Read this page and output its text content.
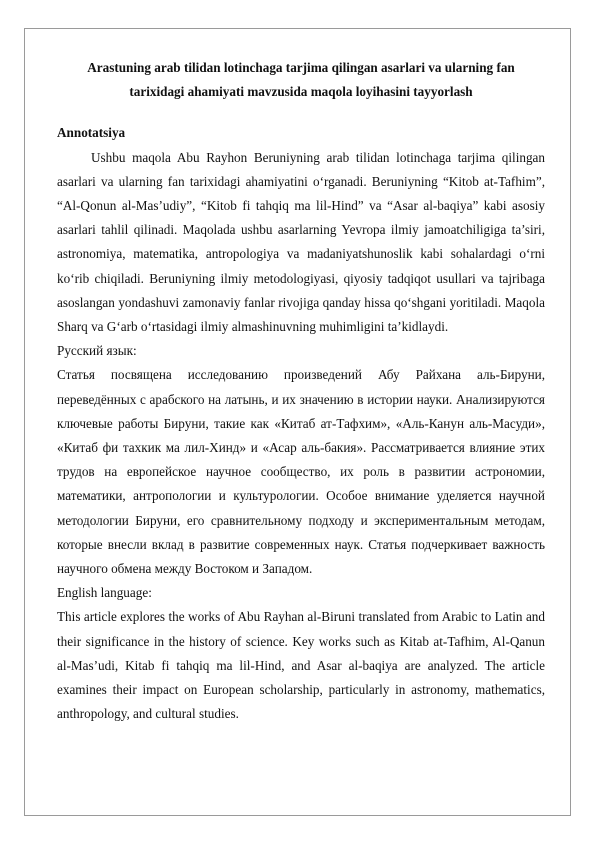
Arastuning arab tilidan lotinchaga tarjima qilingan asarlari va ularning fan
tarixidagi ahamiyati mavzusida maqola loyihasini tayyorlash

Annotatsiya

Ushbu maqola Abu Rayhon Beruniyning arab tilidan lotinchaga tarjima qilingan asarlari va ularning fan tarixidagi ahamiyatini o‘rganadi. Beruniyning “Kitob at-Tafhim”, “Al-Qonun al-Mas’udiy”, “Kitob fi tahqiq ma lil-Hind” va “Asar al-baqiya” kabi asosiy asarlari tahlil qilinadi. Maqolada ushbu asarlarning Yevropa ilmiy jamoatchiligiga ta’siri, astronomiya, matematika, antropologiya va madaniyatshunoslik kabi sohalardagi o‘rni ko‘rib chiqiladi. Beruniyning ilmiy metodologiyasi, qiyosiy tadqiqot usullari va tajribaga asoslangan yondashuvi zamonaviy fanlar rivojiga qanday hissa qo‘shgani yoritiladi. Maqola Sharq va G‘arb o‘rtasidagi ilmiy almashinuvning muhimligini ta’kidlaydi.

Русский язык:

Статья посвящена исследованию произведений Абу Райхана аль-Бируни, переведённых с арабского на латынь, и их значению в истории науки. Анализируются ключевые работы Бируни, такие как «Китаб ат-Тафхим», «Аль-Канун аль-Масуди», «Китаб фи тахкик ма лил-Хинд» и «Асар аль-бакия». Рассматривается влияние этих трудов на европейское научное сообщество, их роль в развитии астрономии, математики, антропологии и культурологии. Особое внимание уделяется научной методологии Бируни, его сравнительному подходу и экспериментальным методам, которые внесли вклад в развитие современных наук. Статья подчеркивает важность научного обмена между Востоком и Западом.

English language:

This article explores the works of Abu Rayhan al-Biruni translated from Arabic to Latin and their significance in the history of science. Key works such as Kitab at-Tafhim, Al-Qanun al-Mas’udi, Kitab fi tahqiq ma lil-Hind, and Asar al-baqiya are analyzed. The article examines their impact on European scholarship, particularly in astronomy, mathematics, anthropology, and cultural studies.
